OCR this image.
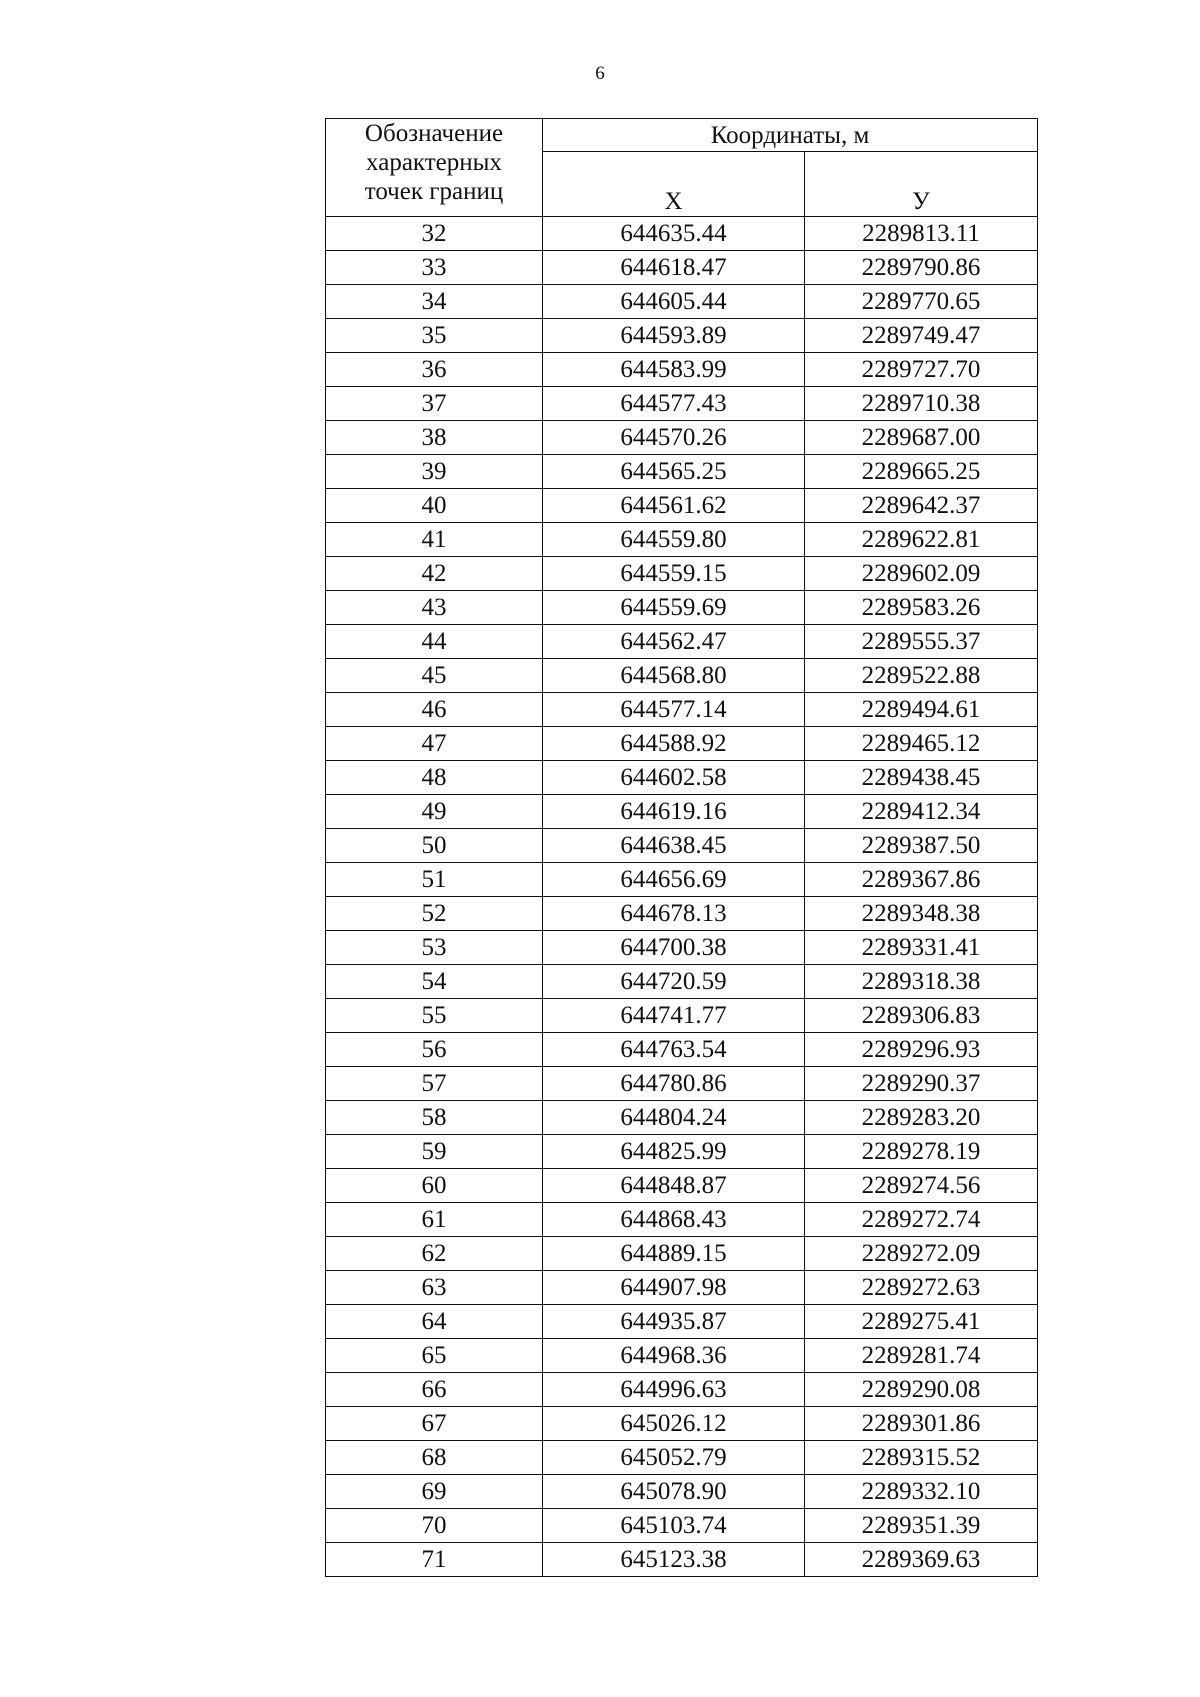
6
Обозначение
характерных
точек границ	Координаты, м	
	Х	У
32	644635.44	2289813.11
33	644618.47	2289790.86
34	644605.44	2289770.65
35	644593.89	2289749.47
36	644583.99	2289727.70
37	644577.43	2289710.38
38	644570.26	2289687.00
39	644565.25	2289665.25
40	644561.62	2289642.37
41	644559.80	2289622.81
42	644559.15	2289602.09
43	644559.69	2289583.26
44	644562.47	2289555.37
45	644568.80	2289522.88
46	644577.14	2289494.61
47	644588.92	2289465.12
48	644602.58	2289438.45
49	644619.16	2289412.34
50	644638.45	2289387.50
51	644656.69	2289367.86
52	644678.13	2289348.38
53	644700.38	2289331.41
54	644720.59	2289318.38
55	644741.77	2289306.83
56	644763.54	2289296.93
57	644780.86	2289290.37
58	644804.24	2289283.20
59	644825.99	2289278.19
60	644848.87	2289274.56
61	644868.43	2289272.74
62	644889.15	2289272.09
63	644907.98	2289272.63
64	644935.87	2289275.41
65	644968.36	2289281.74
66	644996.63	2289290.08
67	645026.12	2289301.86
68	645052.79	2289315.52
69	645078.90	2289332.10
70	645103.74	2289351.39
71	645123.38	2289369.63
